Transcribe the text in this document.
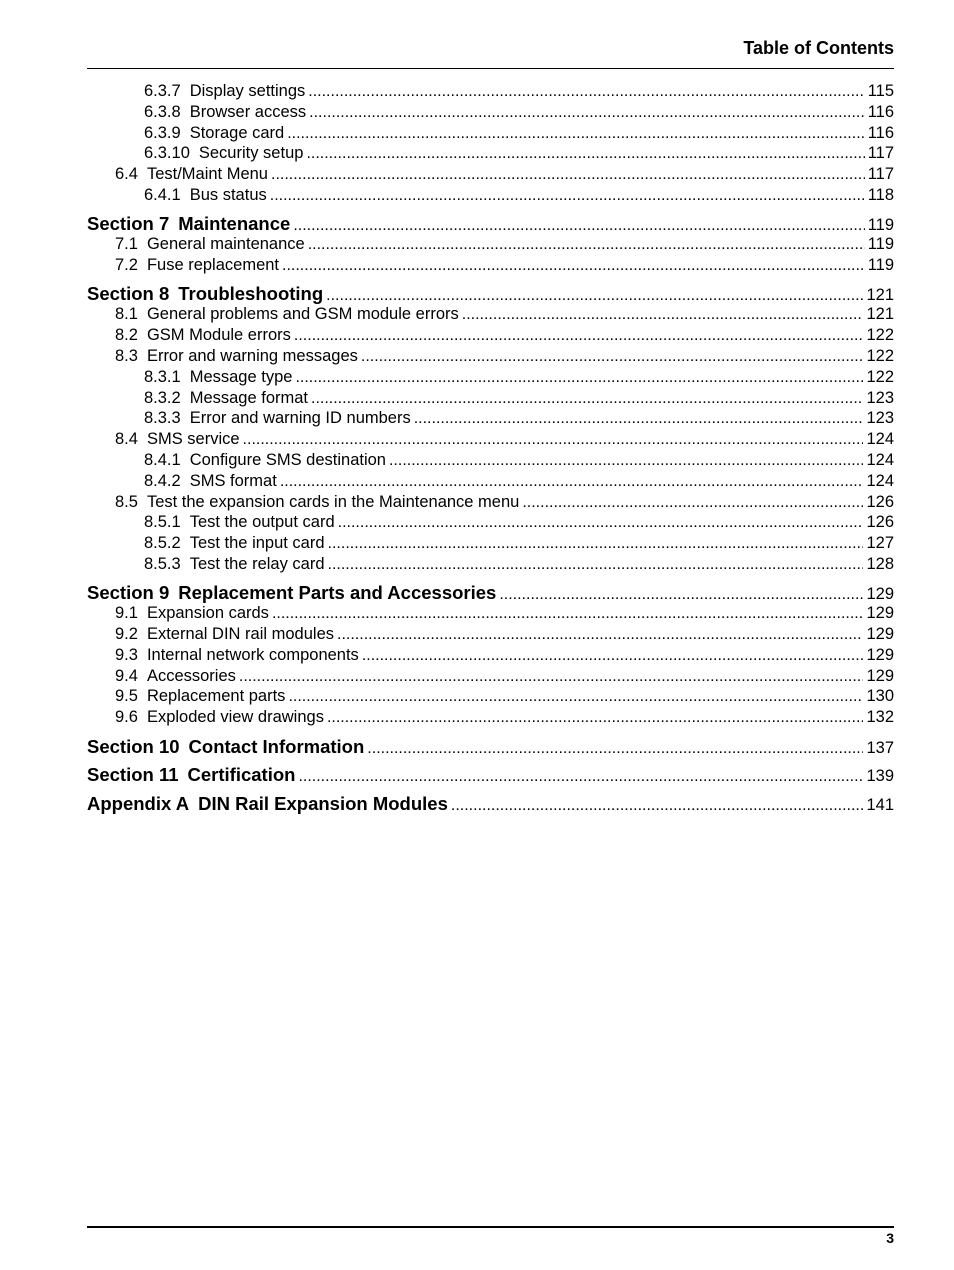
Table of Contents
6.3.7 Display settings .....	115
6.3.8 Browser access .....	116
6.3.9 Storage card .....	116
6.3.10 Security setup .....	117
6.4 Test/Maint Menu .....	117
6.4.1 Bus status .....	118
Section 7 Maintenance .....	119
7.1 General maintenance .....	119
7.2 Fuse replacement .....	119
Section 8 Troubleshooting .....	121
8.1 General problems and GSM module errors .....	121
8.2 GSM Module errors .....	122
8.3 Error and warning messages .....	122
8.3.1 Message type .....	122
8.3.2 Message format .....	123
8.3.3 Error and warning ID numbers .....	123
8.4 SMS service .....	124
8.4.1 Configure SMS destination .....	124
8.4.2 SMS format .....	124
8.5 Test the expansion cards in the Maintenance menu .....	126
8.5.1 Test the output card .....	126
8.5.2 Test the input card .....	127
8.5.3 Test the relay card .....	128
Section 9 Replacement Parts and Accessories .....	129
9.1 Expansion cards .....	129
9.2 External DIN rail modules .....	129
9.3 Internal network components .....	129
9.4 Accessories .....	129
9.5 Replacement parts .....	130
9.6 Exploded view drawings .....	132
Section 10 Contact Information .....	137
Section 11 Certification .....	139
Appendix A DIN Rail Expansion Modules .....	141
3
